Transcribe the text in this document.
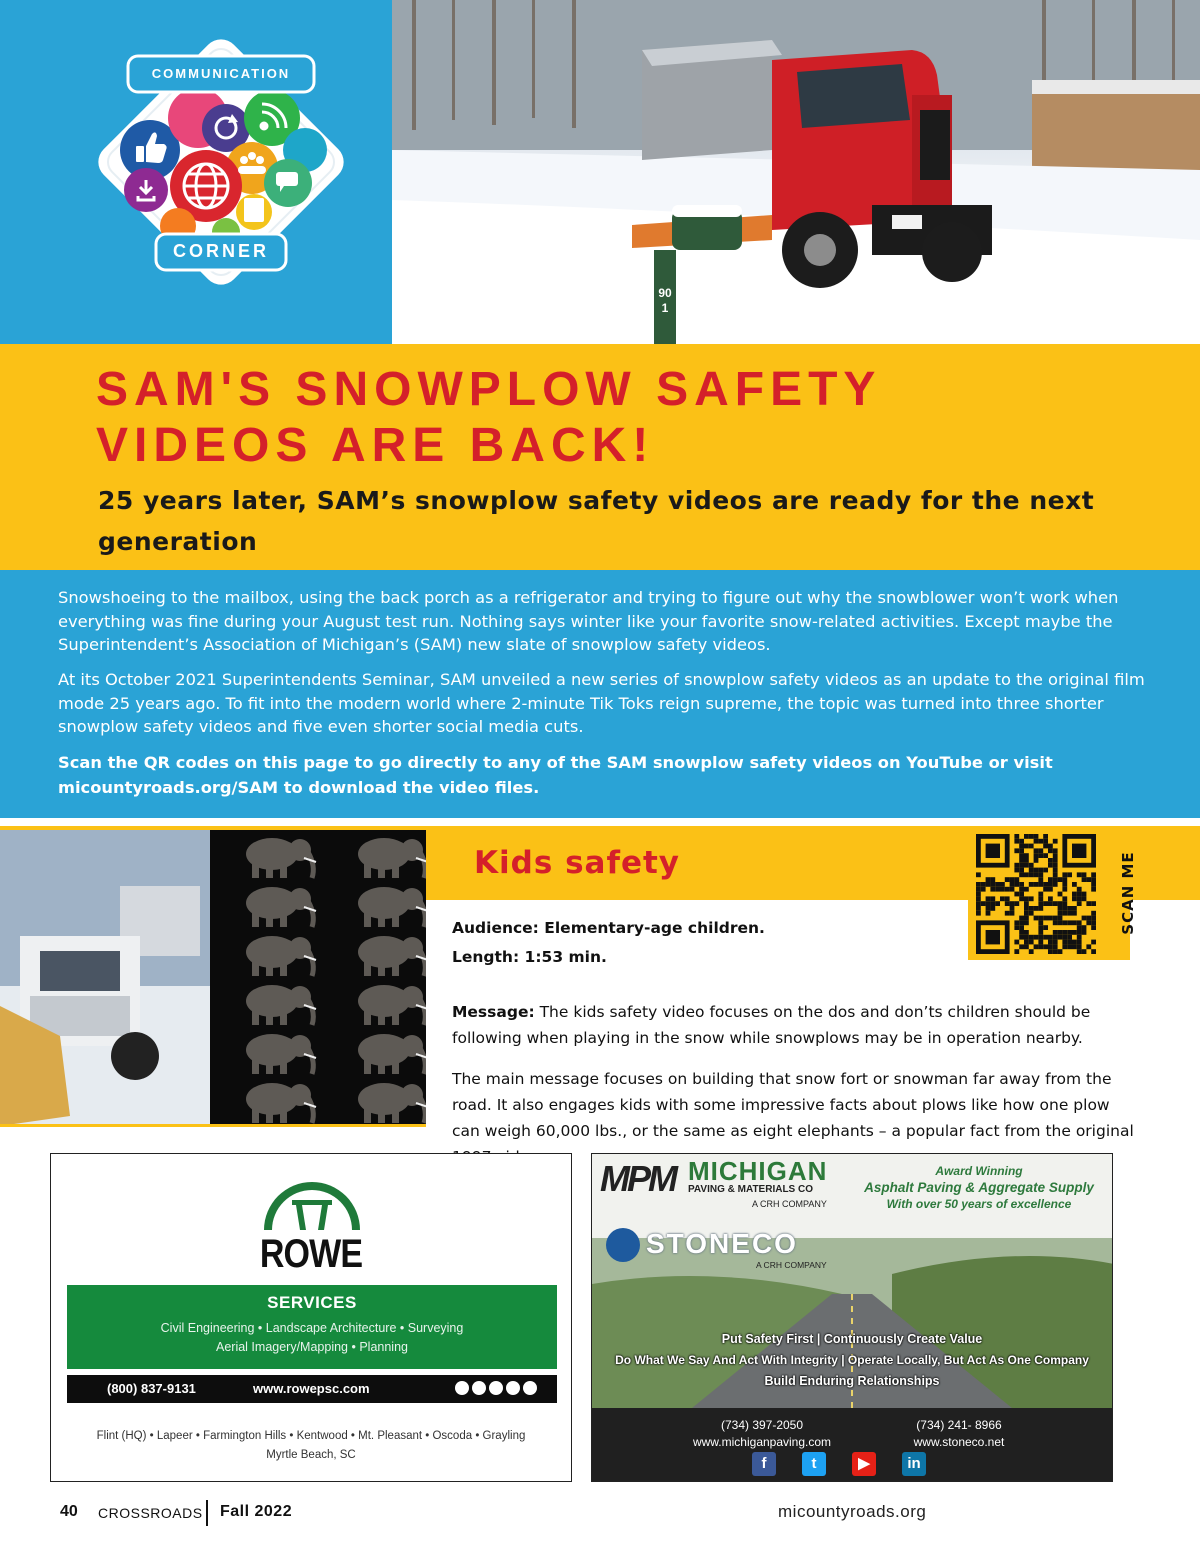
COMMUNICATION
CORNER
901
SAM'S SNOWPLOW SAFETY
VIDEOS ARE BACK!
25 years later, SAM’s snowplow safety videos are ready for the next generation
Snowshoeing to the mailbox, using the back porch as a refrigerator and trying to figure out why the snowblower won’t work when everything was fine during your August test run. Nothing says winter like your favorite snow-related activities. Except maybe the Superintendent’s Association of Michigan’s (SAM) new slate of snowplow safety videos.
At its October 2021 Superintendents Seminar, SAM unveiled a new series of snowplow safety videos as an update to the original film mode 25 years ago. To fit into the modern world where 2-minute Tik Toks reign supreme, the topic was turned into three shorter snowplow safety videos and five even shorter social media cuts.
Scan the QR codes on this page to go directly to any of the SAM snowplow safety videos on YouTube or visit micountyroads.org/SAM to download the video files.
Kids safety	SCAN ME
Audience: Elementary-age children.
Length: 1:53 min.
Message: The kids safety video focuses on the dos and don’ts children should be following when playing in the snow while snowplows may be in operation nearby.
The main message focuses on building that snow fort or snowman far away from the road. It also engages kids with some impressive facts about plows like how one plow can weigh 60,000 lbs., or the same as eight elephants – a popular fact from the original
ROWE
SERVICES
Civil Engineering • Landscape Architecture • Surveying
Aerial Imagery/Mapping • Planning
(800) 837-9131	www.rowepsc.com
Flint (HQ) • Lapeer • Farmington Hills • Kentwood • Mt. Pleasant • Oscoda • Grayling
Myrtle Beach, SC
MPM MICHIGAN
PAVING & MATERIALS CO
A CRH COMPANY
Award Winning
Asphalt Paving & Aggregate Supply
With over 50 years of excellence
STONECO
A CRH COMPANY
Put Safety First | Continuously Create Value
Do What We Say And Act With Integrity | Operate Locally, But Act As One Company
Build Enduring Relationships
(734) 397-2050
www.michiganpaving.com
(734) 241- 8966
www.stoneco.net
f	t	▶	in
40 CROSSROADS Fall 2022	micountyroads.org
